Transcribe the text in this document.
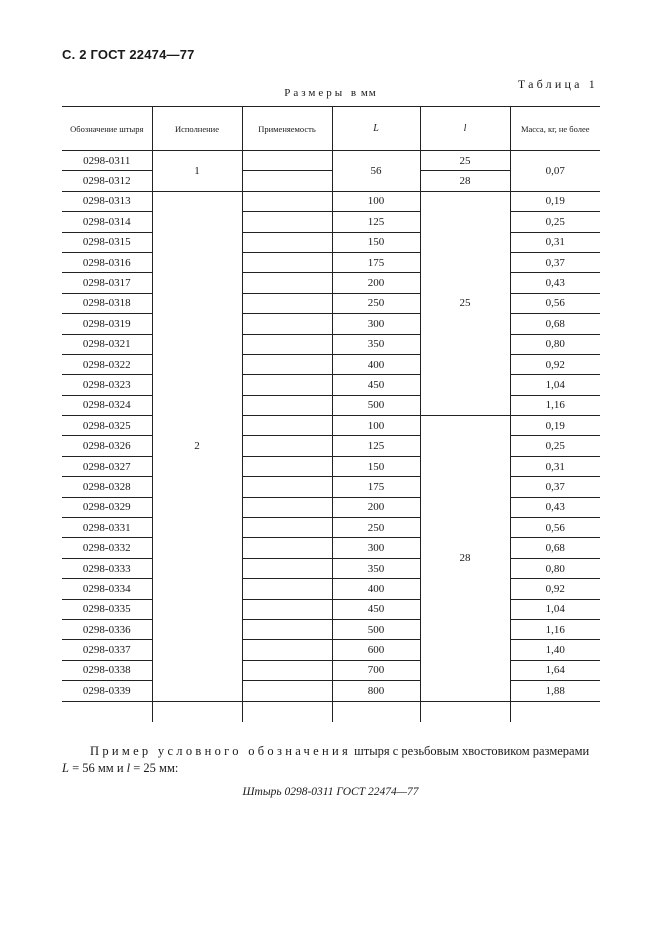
С. 2 ГОСТ 22474—77
Таблица 1
Размеры в мм
Обозначение штыря	Исполнение	Применяемость	L	l	Масса, кг, не более
0298-0311	1		56	25	0,07
0298-0312				28	
0298-0313	2		100	25	0,19
0298-0314			125		0,25
0298-0315			150		0,31
0298-0316			175		0,37
0298-0317			200		0,43
0298-0318			250		0,56
0298-0319			300		0,68
0298-0321			350		0,80
0298-0322			400		0,92
0298-0323			450		1,04
0298-0324			500		1,16
0298-0325			100	28	0,19
0298-0326			125		0,25
0298-0327			150		0,31
0298-0328			175		0,37
0298-0329			200		0,43
0298-0331			250		0,56
0298-0332			300		0,68
0298-0333			350		0,80
0298-0334			400		0,92
0298-0335			450		1,04
0298-0336			500		1,16
0298-0337			600		1,40
0298-0338			700		1,64
0298-0339			800		1,88

Пример условного обозначения штыря с резьбовым хвостовиком размерами
L = 56 мм и l = 25 мм:
Штырь 0298-0311 ГОСТ 22474—77
